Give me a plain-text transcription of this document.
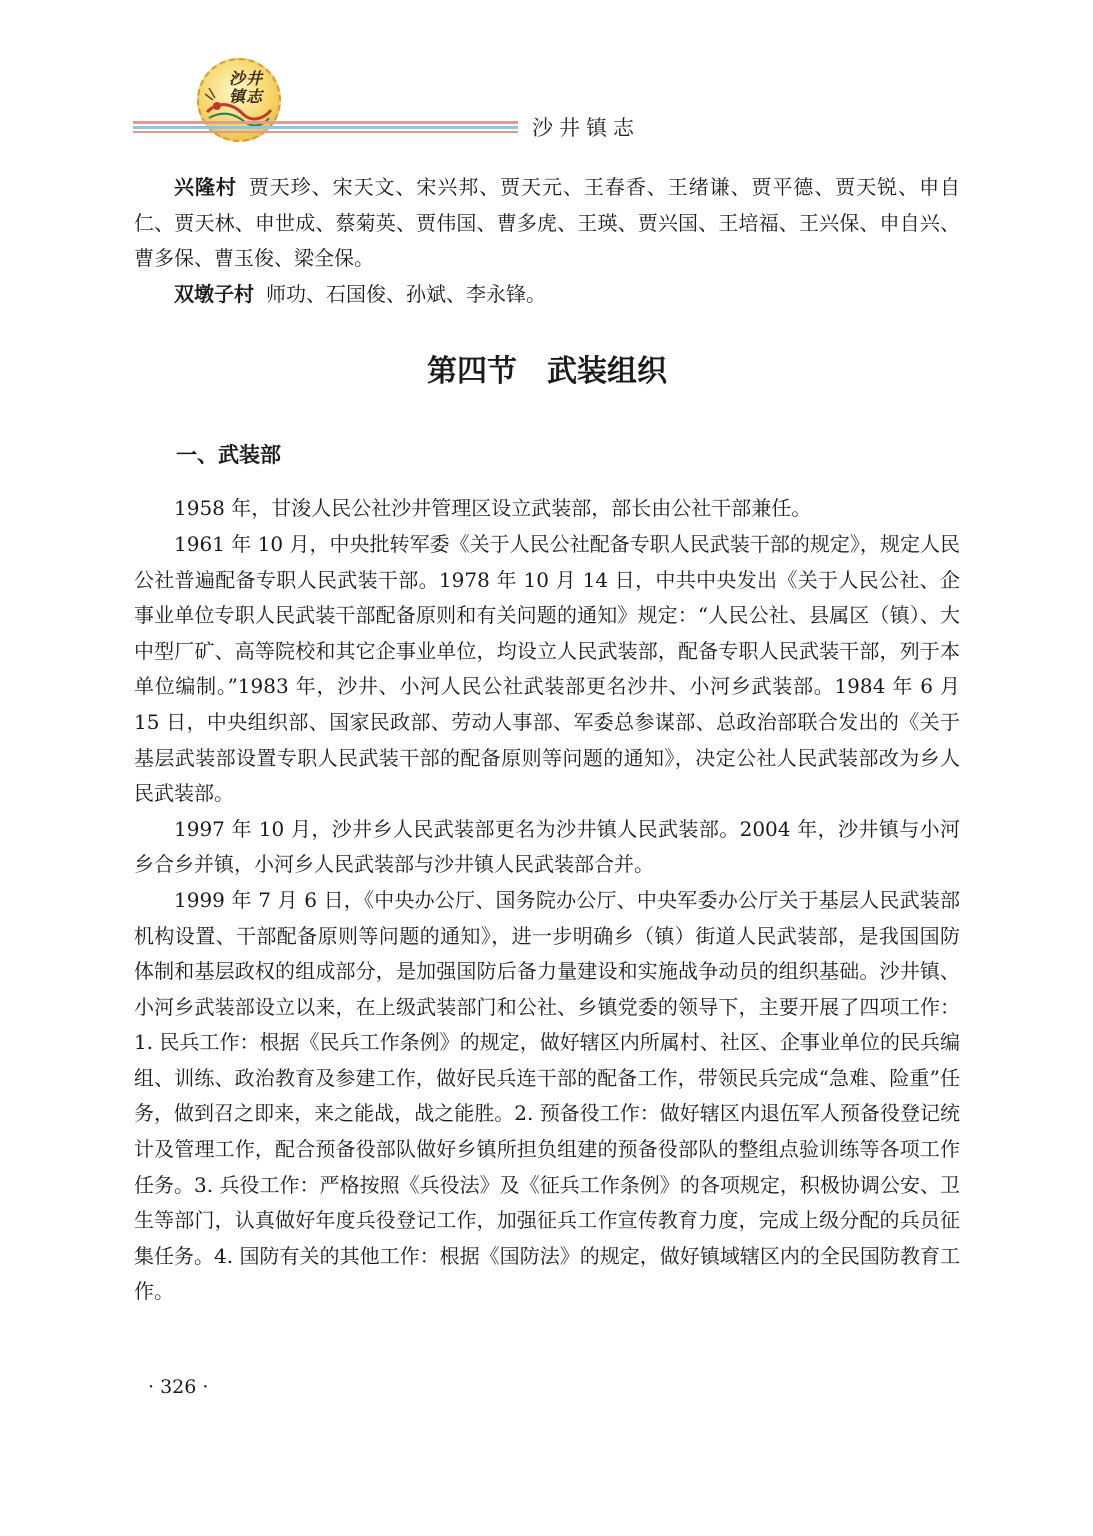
沙井镇志
沙井镇志

兴隆村 贾天珍、宋天文、宋兴邦、贾天元、王春香、王绪谦、贾平德、贾天锐、申自仁、贾天林、申世成、蔡菊英、贾伟国、曹多虎、王瑛、贾兴国、王培福、王兴保、申自兴、曹多保、曹玉俊、梁全保。

双墩子村 师功、石国俊、孙斌、李永锋。

第四节　武装组织
一、武装部

1958 年，甘浚人民公社沙井管理区设立武装部，部长由公社干部兼任。

1961 年 10 月，中央批转军委《关于人民公社配备专职人民武装干部的规定》，规定人民公社普遍配备专职人民武装干部。1978 年 10 月 14 日，中共中央发出《关于人民公社、企事业单位专职人民武装干部配备原则和有关问题的通知》规定：“人民公社、县属区（镇）、大中型厂矿、高等院校和其它企事业单位，均设立人民武装部，配备专职人民武装干部，列于本单位编制。”1983 年，沙井、小河人民公社武装部更名沙井、小河乡武装部。1984 年 6 月 15 日，中央组织部、国家民政部、劳动人事部、军委总参谋部、总政治部联合发出的《关于基层武装部设置专职人民武装干部的配备原则等问题的通知》，决定公社人民武装部改为乡人民武装部。

1997 年 10 月，沙井乡人民武装部更名为沙井镇人民武装部。2004 年，沙井镇与小河乡合乡并镇，小河乡人民武装部与沙井镇人民武装部合并。

1999 年 7 月 6 日，《中央办公厅、国务院办公厅、中央军委办公厅关于基层人民武装部机构设置、干部配备原则等问题的通知》，进一步明确乡（镇）街道人民武装部，是我国国防体制和基层政权的组成部分，是加强国防后备力量建设和实施战争动员的组织基础。沙井镇、小河乡武装部设立以来，在上级武装部门和公社、乡镇党委的领导下，主要开展了四项工作：1. 民兵工作：根据《民兵工作条例》的规定，做好辖区内所属村、社区、企事业单位的民兵编组、训练、政治教育及参建工作，做好民兵连干部的配备工作，带领民兵完成“急难、险重”任务，做到召之即来，来之能战，战之能胜。2. 预备役工作：做好辖区内退伍军人预备役登记统计及管理工作，配合预备役部队做好乡镇所担负组建的预备役部队的整组点验训练等各项工作任务。3. 兵役工作：严格按照《兵役法》及《征兵工作条例》的各项规定，积极协调公安、卫生等部门，认真做好年度兵役登记工作，加强征兵工作宣传教育力度，完成上级分配的兵员征集任务。4. 国防有关的其他工作：根据《国防法》的规定，做好镇域辖区内的全民国防教育工作。

· 326 ·
